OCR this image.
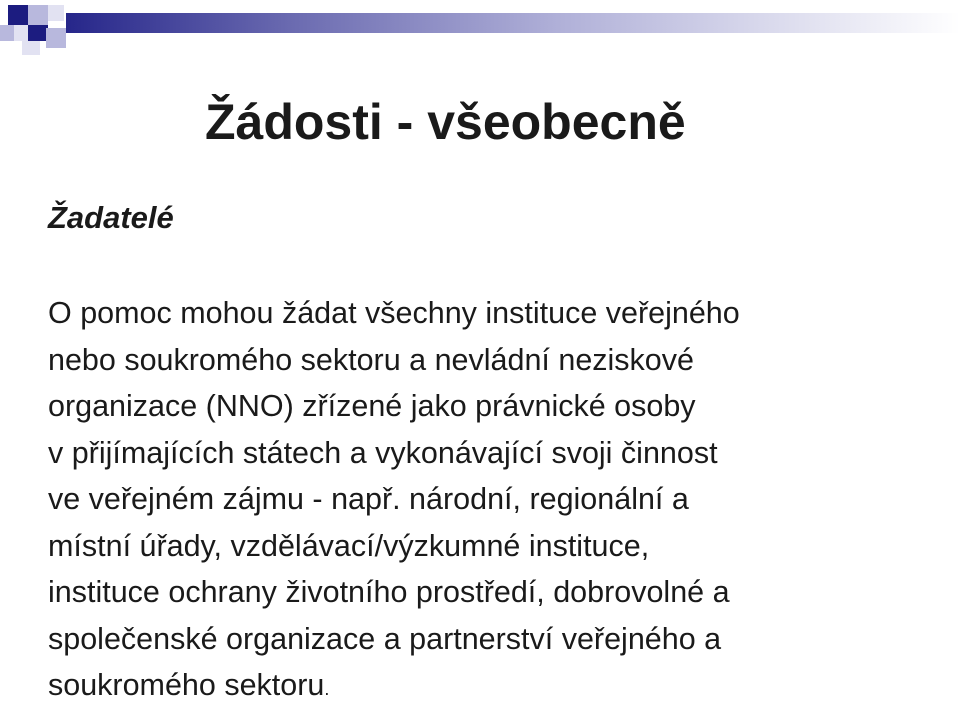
Žádosti - všeobecně
Žadatelé
O pomoc mohou žádat všechny instituce veřejného
nebo soukromého sektoru a nevládní neziskové
organizace (NNO) zřízené jako právnické osoby
v přijímajících státech a vykonávající svoji činnost
ve veřejném zájmu - např. národní, regionální a
místní úřady, vzdělávací/výzkumné instituce,
instituce ochrany životního prostředí, dobrovolné a
společenské organizace a partnerství veřejného a
soukromého sektoru.
